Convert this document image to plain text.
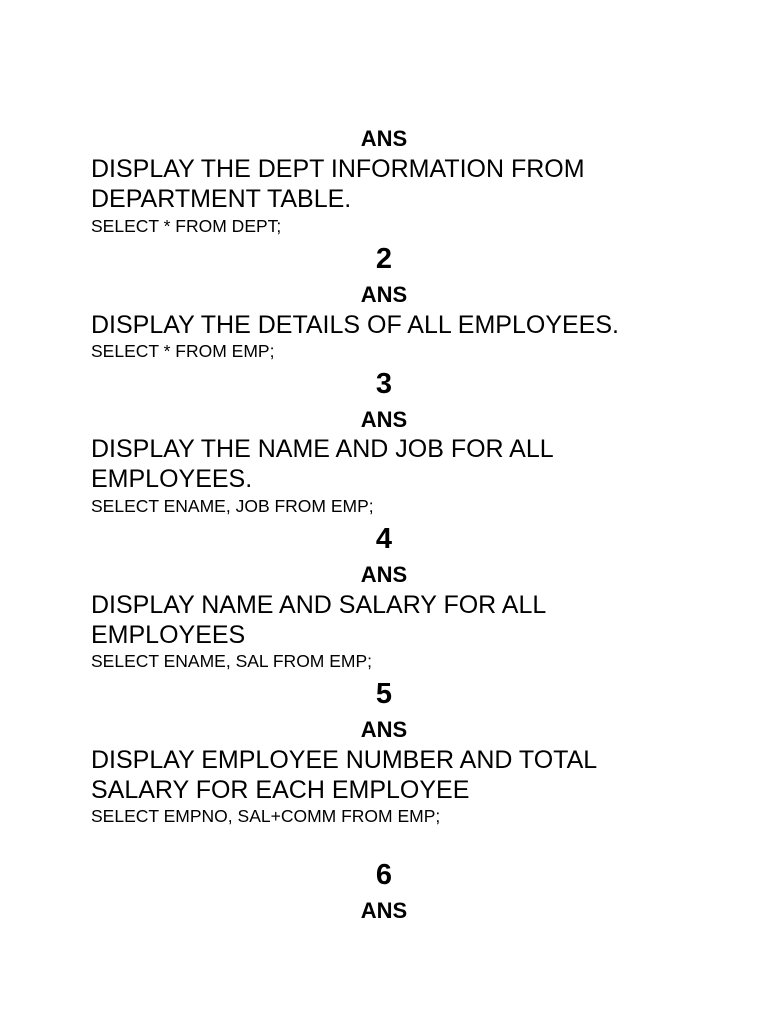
ANS
DISPLAY THE DEPT INFORMATION FROM
DEPARTMENT TABLE.
SELECT * FROM DEPT;
2
ANS
DISPLAY THE DETAILS OF ALL EMPLOYEES.
SELECT * FROM EMP;
3
ANS
DISPLAY THE NAME AND JOB FOR ALL
EMPLOYEES.
SELECT ENAME, JOB FROM EMP;
4
ANS
DISPLAY NAME AND SALARY FOR ALL
EMPLOYEES
SELECT ENAME, SAL FROM EMP;
5
ANS
DISPLAY EMPLOYEE NUMBER AND TOTAL
SALARY FOR EACH EMPLOYEE
SELECT EMPNO, SAL+COMM FROM EMP;
6
ANS
